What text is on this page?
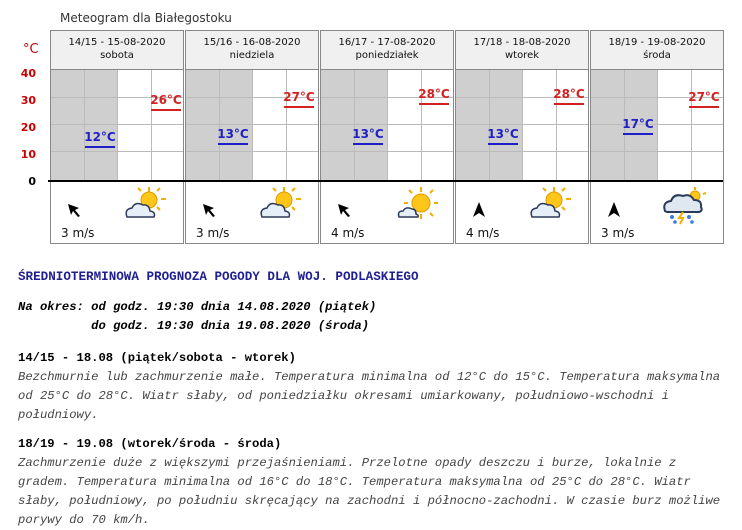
Meteogram dla Białegostoku
°C
40
30
20
10
0
14/15 - 15-08-2020
sobota
12°C
26°C
3 m/s
15/16 - 16-08-2020
niedziela
13°C
27°C
3 m/s
16/17 - 17-08-2020
poniedziałek
13°C
28°C
4 m/s
17/18 - 18-08-2020
wtorek
13°C
28°C
4 m/s
18/19 - 19-08-2020
środa
17°C
27°C
3 m/s
ŚREDNIOTERMINOWA PROGNOZA POGODY DLA WOJ. PODLASKIEGO
Na okres: od godz. 19:30 dnia 14.08.2020 (piątek)
do godz. 19:30 dnia 19.08.2020 (środa)
14/15 - 18.08 (piątek/sobota - wtorek)
Bezchmurnie lub zachmurzenie małe. Temperatura minimalna od 12°C do 15°C. Temperatura maksymalna od 25°C do 28°C. Wiatr słaby, od poniedziałku okresami umiarkowany, południowo-wschodni i południowy.
18/19 - 19.08 (wtorek/środa - środa)
Zachmurzenie duże z większymi przejaśnieniami. Przelotne opady deszczu i burze, lokalnie z gradem. Temperatura minimalna od 16°C do 18°C. Temperatura maksymalna od 25°C do 28°C. Wiatr słaby, południowy, po południu skręcający na zachodni i północno-zachodni. W czasie burz możliwe porywy do 70 km/h.
